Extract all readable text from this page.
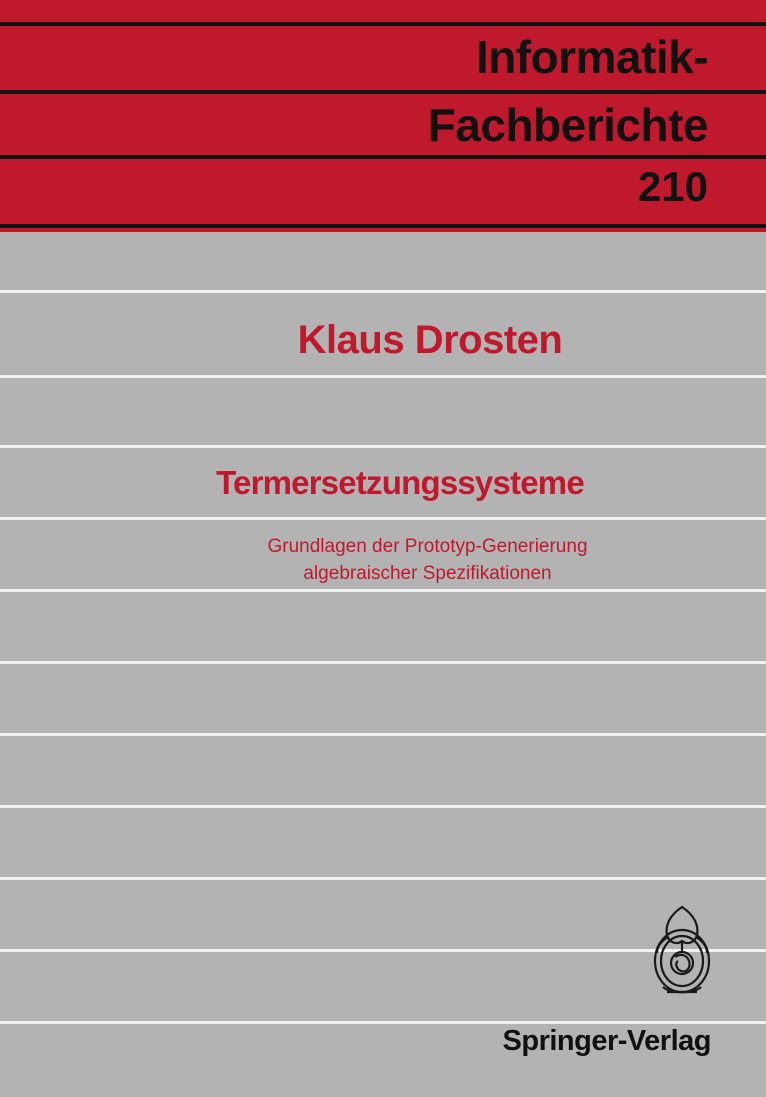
Informatik-
Fachberichte
210
Klaus Drosten
Termersetzungssysteme
Grundlagen der Prototyp-Generierung
algebraischer Spezifikationen
Springer-Verlag
